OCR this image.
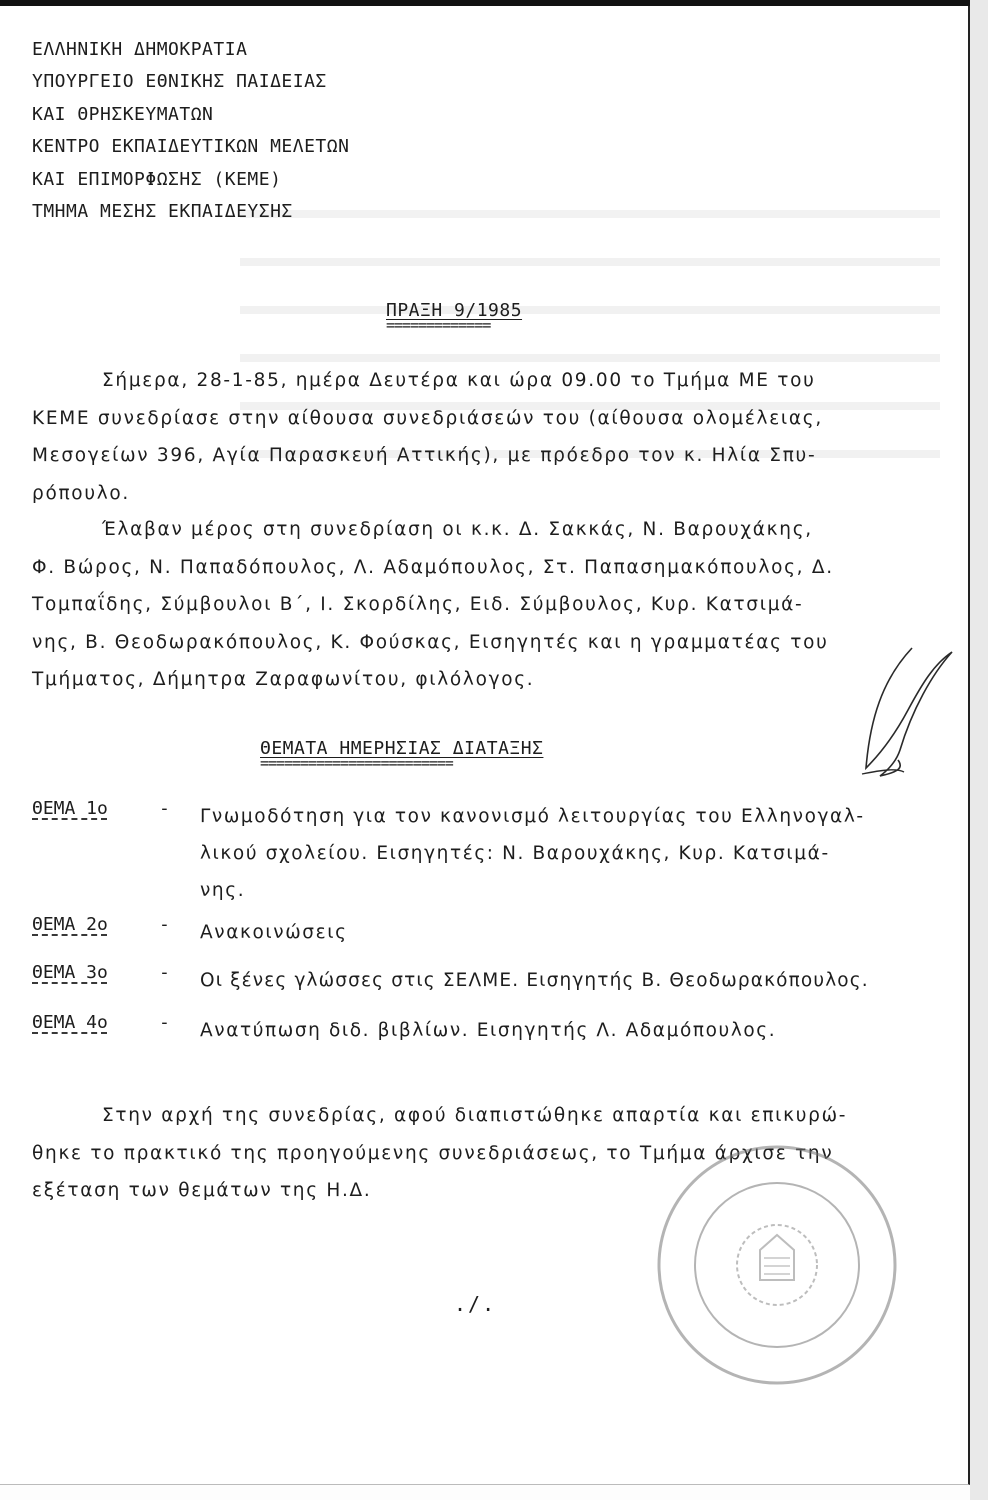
ΕΛΛΗΝΙΚΗ ΔΗΜΟΚΡΑΤΙΑ
ΥΠΟΥΡΓΕΙΟ ΕΘΝΙΚΗΣ ΠΑΙΔΕΙΑΣ
ΚΑΙ ΘΡΗΣΚΕΥΜΑΤΩΝ
ΚΕΝΤΡΟ ΕΚΠΑΙΔΕΥΤΙΚΩΝ ΜΕΛΕΤΩΝ
ΚΑΙ ΕΠΙΜΟΡΦΩΣΗΣ (ΚΕΜΕ)
ΤΜΗΜΑ ΜΕΣΗΣ ΕΚΠΑΙΔΕΥΣΗΣ
ΠΡΑΞΗ 9/1985
=============
Σήμερα, 28-1-85, ημέρα Δευτέρα και ώρα 09.00 το Τμήμα ΜΕ του
ΚΕΜΕ συνεδρίασε στην αίθουσα συνεδριάσεών του (αίθουσα ολομέλειας,
Μεσογείων 396, Αγία Παρασκευή Αττικής), με πρόεδρο τον κ. Ηλία Σπυ-
ρόπουλο.
Έλαβαν μέρος στη συνεδρίαση οι κ.κ. Δ. Σακκάς, Ν. Βαρουχάκης,
Φ. Βώρος, Ν. Παπαδόπουλος, Λ. Αδαμόπουλος, Στ. Παπασημακόπουλος, Δ.
Τομπαΐδης, Σύμβουλοι Β΄, Ι. Σκορδίλης, Ειδ. Σύμβουλος, Κυρ. Κατσιμά-
νης, Β. Θεοδωρακόπουλος, Κ. Φούσκας, Εισηγητές και η γραμματέας του
Τμήματος, Δήμητρα Ζαραφωνίτου, φιλόλογος.
ΘΕΜΑΤΑ ΗΜΕΡΗΣΙΑΣ ΔΙΑΤΑΞΗΣ
========================
ΘΕΜΑ 1ο	- Γνωμοδότηση για τον κανονισμό λειτουργίας του Ελληνογαλ-
λικού σχολείου. Εισηγητές: Ν. Βαρουχάκης, Κυρ. Κατσιμά-
νης.
ΘΕΜΑ 2ο	- Ανακοινώσεις
ΘΕΜΑ 3ο	- Οι ξένες γλώσσες στις ΣΕΛΜΕ. Εισηγητής Β. Θεοδωρακόπουλος.
ΘΕΜΑ 4ο	- Ανατύπωση διδ. βιβλίων. Εισηγητής Λ. Αδαμόπουλος.
Στην αρχή της συνεδρίας, αφού διαπιστώθηκε απαρτία και επικυρώ-
θηκε το πρακτικό της προηγούμενης συνεδριάσεως, το Τμήμα άρχισε την
εξέταση των θεμάτων της Η.Δ.
./.
